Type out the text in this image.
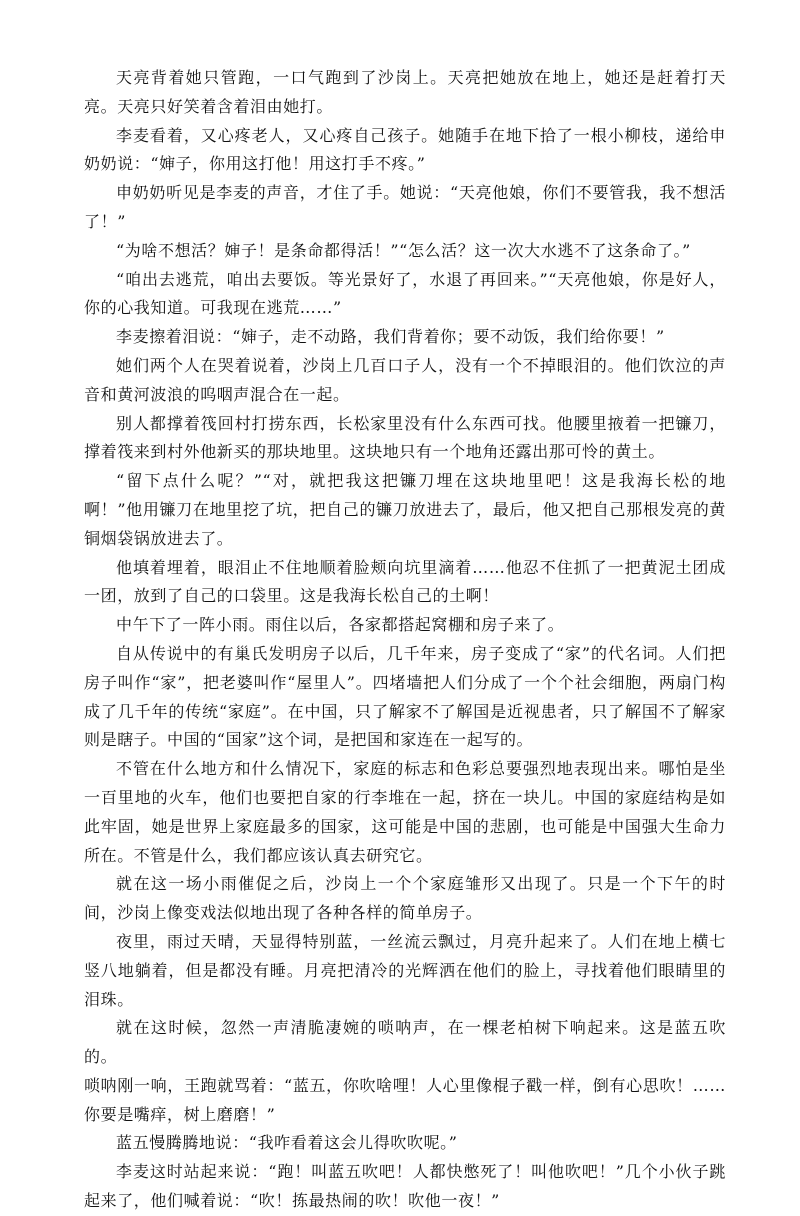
天亮背着她只管跑，一口气跑到了沙岗上。天亮把她放在地上，她还是赶着打天亮。天亮只好笑着含着泪由她打。

李麦看着，又心疼老人，又心疼自己孩子。她随手在地下拾了一根小柳枝，递给申奶奶说：“婶子，你用这打他！用这打手不疼。”

申奶奶听见是李麦的声音，才住了手。她说：“天亮他娘，你们不要管我，我不想活了！”

“为啥不想活？婶子！是条命都得活！”“怎么活？这一次大水逃不了这条命了。”

“咱出去逃荒，咱出去要饭。等光景好了，水退了再回来。”“天亮他娘，你是好人，你的心我知道。可我现在逃荒……”

李麦擦着泪说：“婶子，走不动路，我们背着你；要不动饭，我们给你要！”

她们两个人在哭着说着，沙岗上几百口子人，没有一个不掉眼泪的。他们饮泣的声音和黄河波浪的呜咽声混合在一起。

别人都撑着筏回村打捞东西，长松家里没有什么东西可找。他腰里掖着一把镰刀，撑着筏来到村外他新买的那块地里。这块地只有一个地角还露出那可怜的黄土。

“留下点什么呢？”“对，就把我这把镰刀埋在这块地里吧！这是我海长松的地啊！”他用镰刀在地里挖了坑，把自己的镰刀放进去了，最后，他又把自己那根发亮的黄铜烟袋锅放进去了。

他填着埋着，眼泪止不住地顺着脸颊向坑里滴着……他忍不住抓了一把黄泥土团成一团，放到了自己的口袋里。这是我海长松自己的土啊！

中午下了一阵小雨。雨住以后，各家都搭起窝棚和房子来了。

自从传说中的有巢氏发明房子以后，几千年来，房子变成了“家”的代名词。人们把房子叫作“家”，把老婆叫作“屋里人”。四堵墙把人们分成了一个个社会细胞，两扇门构成了几千年的传统“家庭”。在中国，只了解家不了解国是近视患者，只了解国不了解家则是瞎子。中国的“国家”这个词，是把国和家连在一起写的。

不管在什么地方和什么情况下，家庭的标志和色彩总要强烈地表现出来。哪怕是坐一百里地的火车，他们也要把自家的行李堆在一起，挤在一块儿。中国的家庭结构是如此牢固，她是世界上家庭最多的国家，这可能是中国的悲剧，也可能是中国强大生命力所在。不管是什么，我们都应该认真去研究它。

就在这一场小雨催促之后，沙岗上一个个家庭雏形又出现了。只是一个下午的时间，沙岗上像变戏法似地出现了各种各样的简单房子。

夜里，雨过天晴，天显得特别蓝，一丝流云飘过，月亮升起来了。人们在地上横七竖八地躺着，但是都没有睡。月亮把清冷的光辉洒在他们的脸上，寻找着他们眼睛里的泪珠。

就在这时候，忽然一声清脆凄婉的唢呐声，在一棵老柏树下响起来。这是蓝五吹的。

唢呐刚一响，王跑就骂着：“蓝五，你吹啥哩！人心里像棍子戳一样，倒有心思吹！……你要是嘴痒，树上磨磨！”

蓝五慢腾腾地说：“我咋看着这会儿得吹吹呢。”

李麦这时站起来说：“跑！叫蓝五吹吧！人都快憋死了！叫他吹吧！”几个小伙子跳起来了，他们喊着说：“吹！拣最热闹的吹！吹他一夜！”
